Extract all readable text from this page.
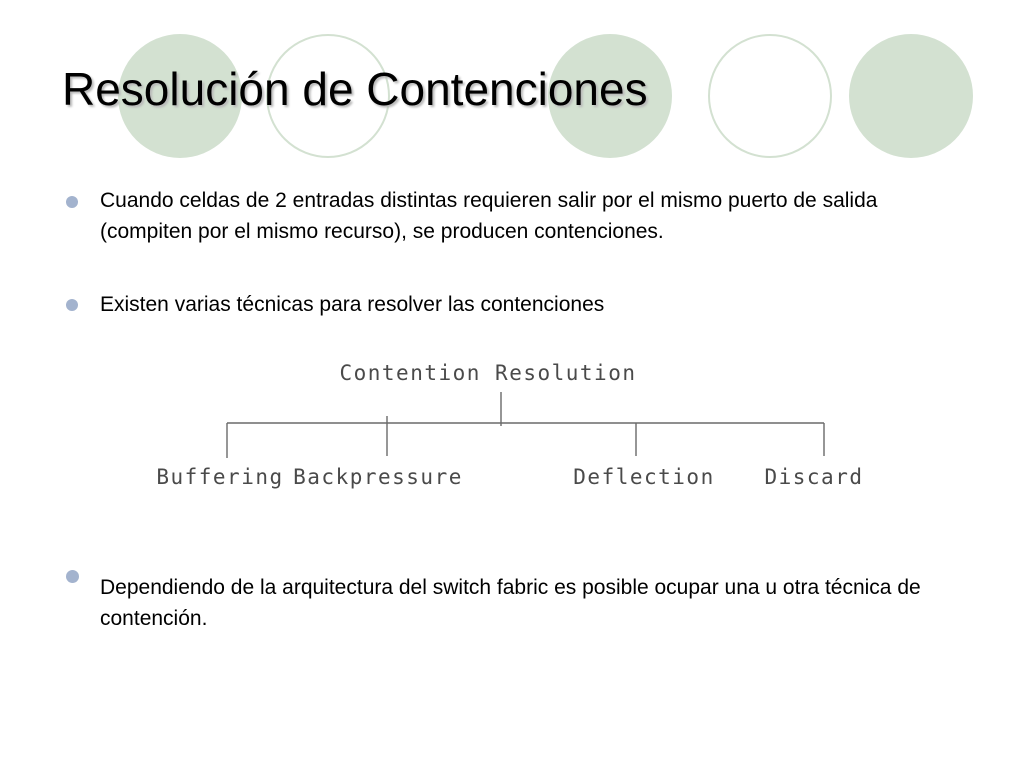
Resolución de Contenciones

Cuando celdas de 2 entradas distintas requieren salir por el mismo puerto de salida (compiten por el mismo recurso), se producen contenciones.

Existen varias técnicas para resolver las contenciones

Contention Resolution
Buffering Backpressure	Deflection Discard

Dependiendo de la arquitectura del switch fabric es posible ocupar una u otra técnica de contención.
